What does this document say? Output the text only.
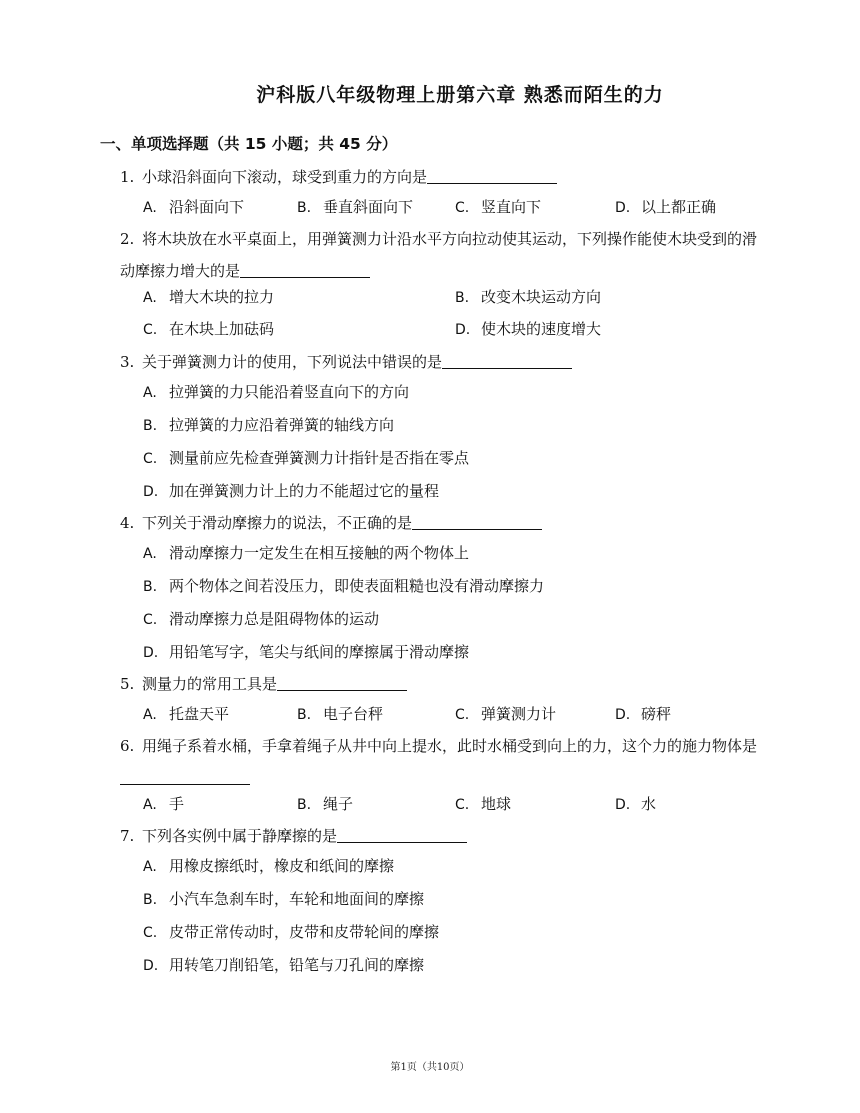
沪科版八年级物理上册第六章 熟悉而陌生的力
一、单项选择题（共 15 小题；共 45 分）
1. 小球沿斜面向下滚动，球受到重力的方向是
A. 沿斜面向下	B. 垂直斜面向下	C. 竖直向下	D. 以上都正确
2. 将木块放在水平桌面上，用弹簧测力计沿水平方向拉动使其运动，下列操作能使木块受到的滑动摩擦力增大的是
A. 增大木块的拉力	B. 改变木块运动方向
C. 在木块上加砝码	D. 使木块的速度增大
3. 关于弹簧测力计的使用，下列说法中错误的是
A. 拉弹簧的力只能沿着竖直向下的方向
B. 拉弹簧的力应沿着弹簧的轴线方向
C. 测量前应先检查弹簧测力计指针是否指在零点
D. 加在弹簧测力计上的力不能超过它的量程
4. 下列关于滑动摩擦力的说法，不正确的是
A. 滑动摩擦力一定发生在相互接触的两个物体上
B. 两个物体之间若没压力，即使表面粗糙也没有滑动摩擦力
C. 滑动摩擦力总是阻碍物体的运动
D. 用铅笔写字，笔尖与纸间的摩擦属于滑动摩擦
5. 测量力的常用工具是
A. 托盘天平	B. 电子台秤	C. 弹簧测力计	D. 磅秤
6. 用绳子系着水桶，手拿着绳子从井中向上提水，此时水桶受到向上的力，这个力的施力物体是
A. 手	B. 绳子	C. 地球	D. 水
7. 下列各实例中属于静摩擦的是
A. 用橡皮擦纸时，橡皮和纸间的摩擦
B. 小汽车急刹车时，车轮和地面间的摩擦
C. 皮带正常传动时，皮带和皮带轮间的摩擦
D. 用转笔刀削铅笔，铅笔与刀孔间的摩擦
第1页（共10页）
